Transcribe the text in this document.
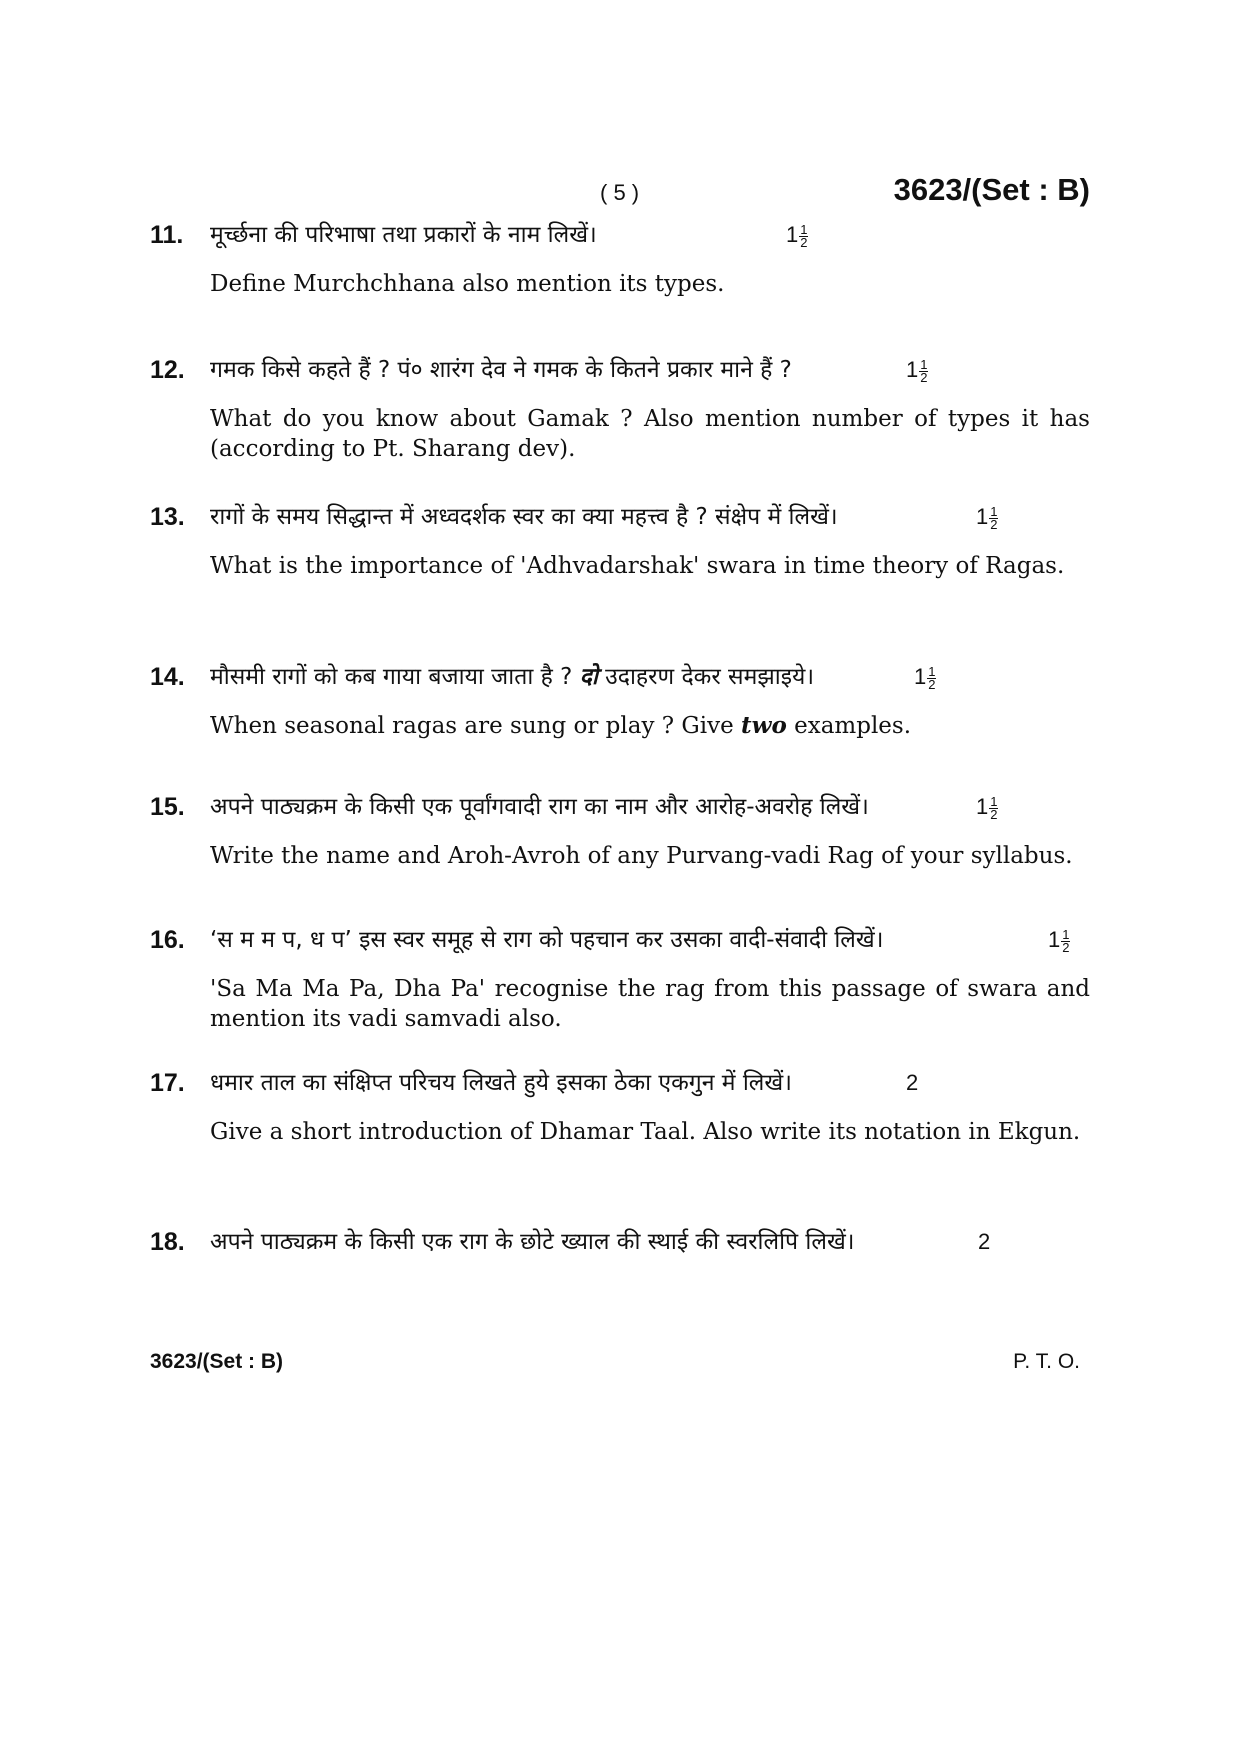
( 5 )	3623/(Set : B)
11. मूर्च्छना की परिभाषा तथा प्रकारों के नाम लिखें।	$1 \frac{1}{2}$
Define Murchchhana also mention its types.
12. गमक किसे कहते हैं ? पं० शारंग देव ने गमक के कितने प्रकार माने हैं ?	$1 \frac{1}{2}$
What do you know about Gamak ? Also mention number of types it has (according to Pt. Sharang dev).
13. रागों के समय सिद्धान्त में अध्वदर्शक स्वर का क्या महत्त्व है ? संक्षेप में लिखें।	$1 \frac{1}{2}$
What is the importance of 'Adhvadarshak' swara in time theory of Ragas.
14. मौसमी रागों को कब गाया बजाया जाता है ? दो उदाहरण देकर समझाइये।	$1 \frac{1}{2}$
When seasonal ragas are sung or play ? Give two examples.
15. अपने पाठ्यक्रम के किसी एक पूर्वांगवादी राग का नाम और आरोह-अवरोह लिखें।	$1 \frac{1}{2}$
Write the name and Aroh-Avroh of any Purvang-vadi Rag of your syllabus.
16. ‘स म म प, ध प’ इस स्वर समूह से राग को पहचान कर उसका वादी-संवादी लिखें।	$1 \frac{1}{2}$
'Sa Ma Ma Pa, Dha Pa' recognise the rag from this passage of swara and mention its vadi samvadi also.
17. धमार ताल का संक्षिप्त परिचय लिखते हुये इसका ठेका एकगुन में लिखें।	2
Give a short introduction of Dhamar Taal. Also write its notation in Ekgun.
18. अपने पाठ्यक्रम के किसी एक राग के छोटे ख्याल की स्थाई की स्वरलिपि लिखें।	2
3623/(Set : B)	P. T. O.
